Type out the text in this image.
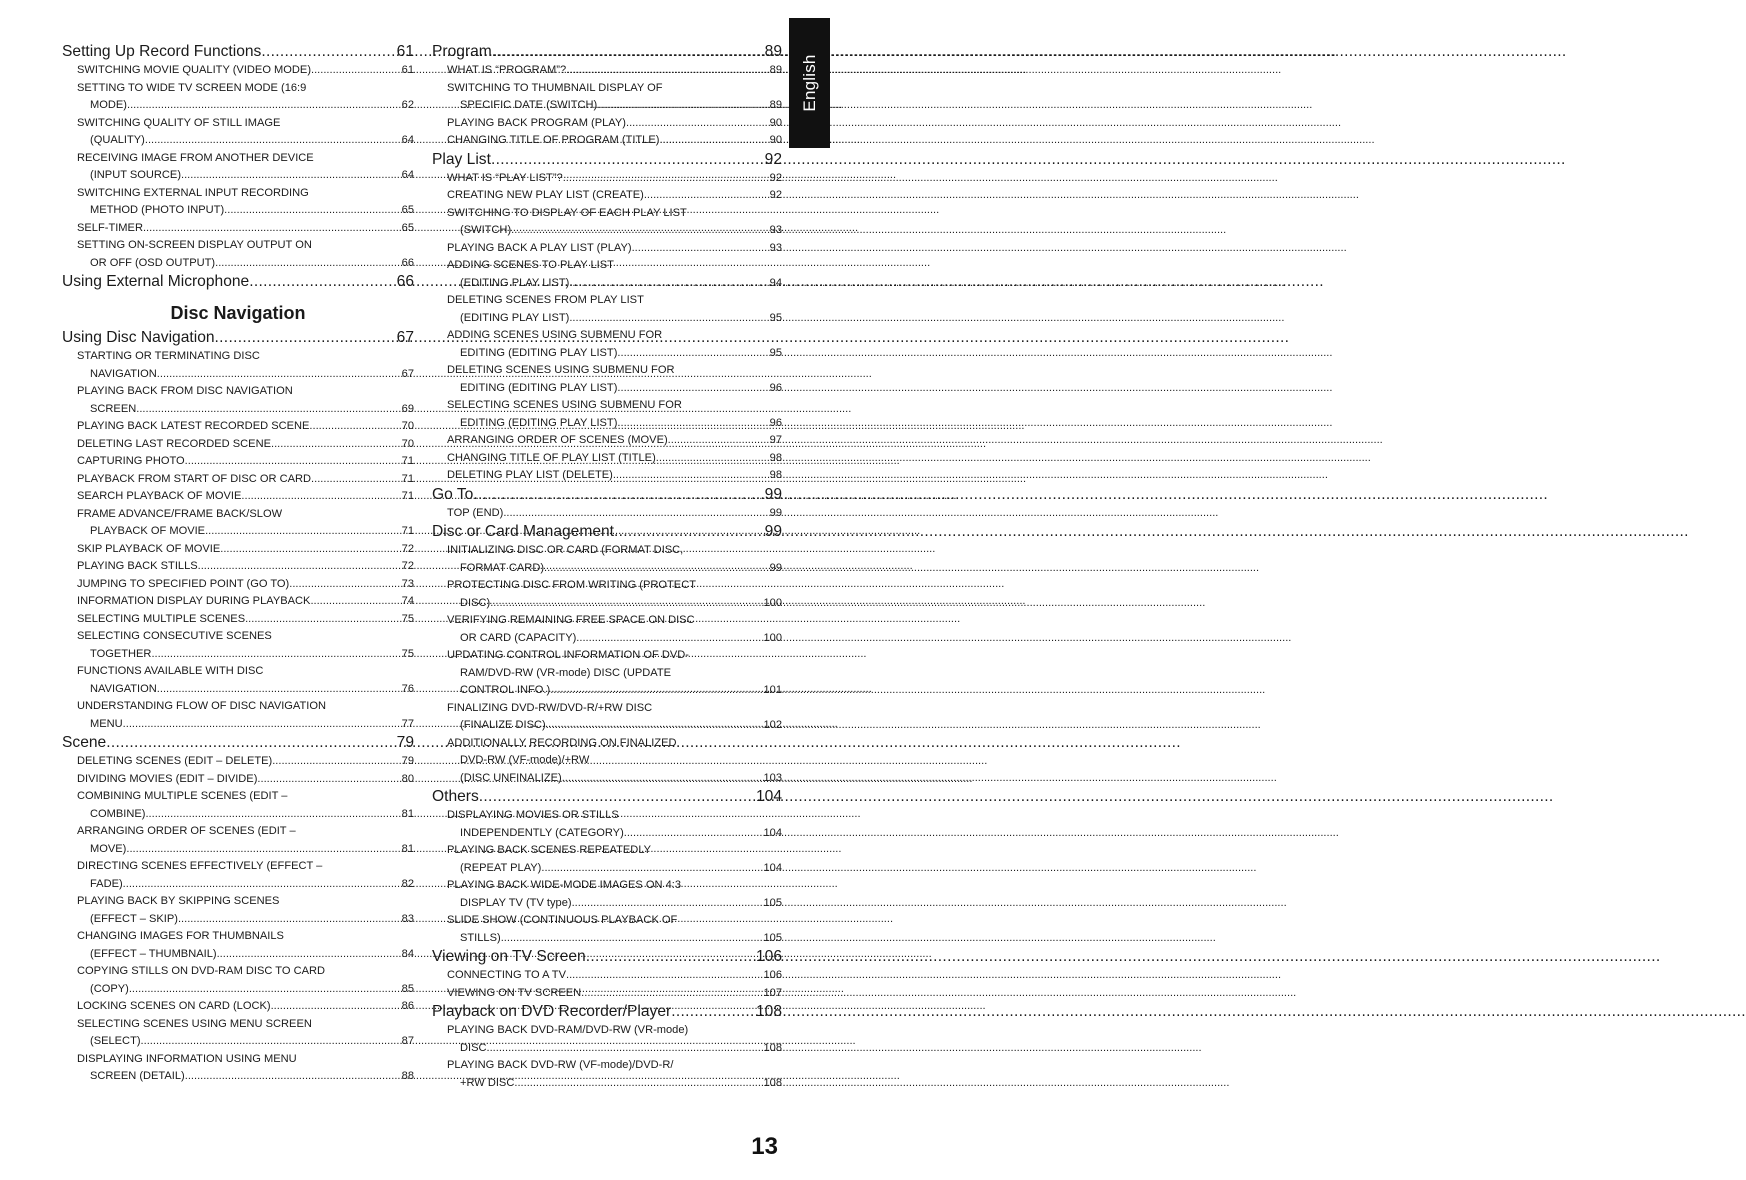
Setting Up Record Functions .....	61
SWITCHING MOVIE QUALITY (VIDEO MODE) .....	61
SETTING TO WIDE TV SCREEN MODE (16:9
MODE) .....	62
SWITCHING QUALITY OF STILL IMAGE
(QUALITY) .....	64
RECEIVING IMAGE FROM ANOTHER DEVICE
(INPUT SOURCE) .....	64
SWITCHING EXTERNAL INPUT RECORDING
METHOD (PHOTO INPUT) .....	65
SELF-TIMER .....	65
SETTING ON-SCREEN DISPLAY OUTPUT ON
OR OFF (OSD OUTPUT) .....	66
Using External Microphone .....	66
Disc Navigation
Using Disc Navigation .....	67
STARTING OR TERMINATING DISC
NAVIGATION .....	67
PLAYING BACK FROM DISC NAVIGATION
SCREEN .....	69
PLAYING BACK LATEST RECORDED SCENE .....	70
DELETING LAST RECORDED SCENE .....	70
CAPTURING PHOTO .....	71
PLAYBACK FROM START OF DISC OR CARD .....	71
SEARCH PLAYBACK OF MOVIE .....	71
FRAME ADVANCE/FRAME BACK/SLOW
PLAYBACK OF MOVIE .....	71
SKIP PLAYBACK OF MOVIE .....	72
PLAYING BACK STILLS .....	72
JUMPING TO SPECIFIED POINT (GO TO) .....	73
INFORMATION DISPLAY DURING PLAYBACK .....	74
SELECTING MULTIPLE SCENES .....	75
SELECTING CONSECUTIVE SCENES
TOGETHER .....	75
FUNCTIONS AVAILABLE WITH DISC
NAVIGATION .....	76
UNDERSTANDING FLOW OF DISC NAVIGATION
MENU .....	77
Scene .....	79
DELETING SCENES (EDIT – DELETE) .....	79
DIVIDING MOVIES (EDIT – DIVIDE) .....	80
COMBINING MULTIPLE SCENES (EDIT –
COMBINE) .....	81
ARRANGING ORDER OF SCENES (EDIT –
MOVE) .....	81
DIRECTING SCENES EFFECTIVELY (EFFECT –
FADE) .....	82
PLAYING BACK BY SKIPPING SCENES
(EFFECT – SKIP) .....	83
CHANGING IMAGES FOR THUMBNAILS
(EFFECT – THUMBNAIL) .....	84
COPYING STILLS ON DVD-RAM DISC TO CARD
(COPY) .....	85
LOCKING SCENES ON CARD (LOCK) .....	86
SELECTING SCENES USING MENU SCREEN
(SELECT) .....	87
DISPLAYING INFORMATION USING MENU
SCREEN (DETAIL) .....	88
Program .....	89
WHAT IS “PROGRAM”? .....	89
SWITCHING TO THUMBNAIL DISPLAY OF
SPECIFIC DATE (SWITCH) .....	89
PLAYING BACK PROGRAM (PLAY) .....	90
CHANGING TITLE OF PROGRAM (TITLE) .....	90
Play List .....	92
WHAT IS “PLAY LIST”? .....	92
CREATING NEW PLAY LIST (CREATE) .....	92
SWITCHING TO DISPLAY OF EACH PLAY LIST
(SWITCH) .....	93
PLAYING BACK A PLAY LIST (PLAY) .....	93
ADDING SCENES TO PLAY LIST
(EDITING PLAY LIST) .....	94
DELETING SCENES FROM PLAY LIST
(EDITING PLAY LIST) .....	95
ADDING SCENES USING SUBMENU FOR
EDITING (EDITING PLAY LIST) .....	95
DELETING SCENES USING SUBMENU FOR
EDITING (EDITING PLAY LIST) .....	96
SELECTING SCENES USING SUBMENU FOR
EDITING (EDITING PLAY LIST) .....	96
ARRANGING ORDER OF SCENES (MOVE) .....	97
CHANGING TITLE OF PLAY LIST (TITLE) .....	98
DELETING PLAY LIST (DELETE) .....	98
Go To .....	99
TOP (END) .....	99
Disc or Card Management .....	99
INITIALIZING DISC OR CARD (FORMAT DISC,
FORMAT CARD) .....	99
PROTECTING DISC FROM WRITING (PROTECT
DISC) .....	100
VERIFYING REMAINING FREE SPACE ON DISC
OR CARD (CAPACITY) .....	100
UPDATING CONTROL INFORMATION OF DVD-
RAM/DVD-RW (VR-mode) DISC (UPDATE
CONTROL INFO.) .....	101
FINALIZING DVD-RW/DVD-R/+RW DISC
(FINALIZE DISC) .....	102
ADDITIONALLY RECORDING ON FINALIZED
DVD-RW (VF-mode)/+RW
(DISC UNFINALIZE) .....	103
Others .....	104
DISPLAYING MOVIES OR STILLS
INDEPENDENTLY (CATEGORY) .....	104
PLAYING BACK SCENES REPEATEDLY
(REPEAT PLAY) .....	104
PLAYING BACK WIDE-MODE IMAGES ON 4:3
DISPLAY TV (TV type) .....	105
SLIDE SHOW (CONTINUOUS PLAYBACK OF
STILLS) .....	105
Viewing on TV Screen .....	106
CONNECTING TO A TV .....	106
VIEWING ON TV SCREEN .....	107
Playback on DVD Recorder/Player .....	108
PLAYING BACK DVD-RAM/DVD-RW (VR-mode)
DISC .....	108
PLAYING BACK DVD-RW (VF-mode)/DVD-R/
+RW DISC .....	108
English
13
